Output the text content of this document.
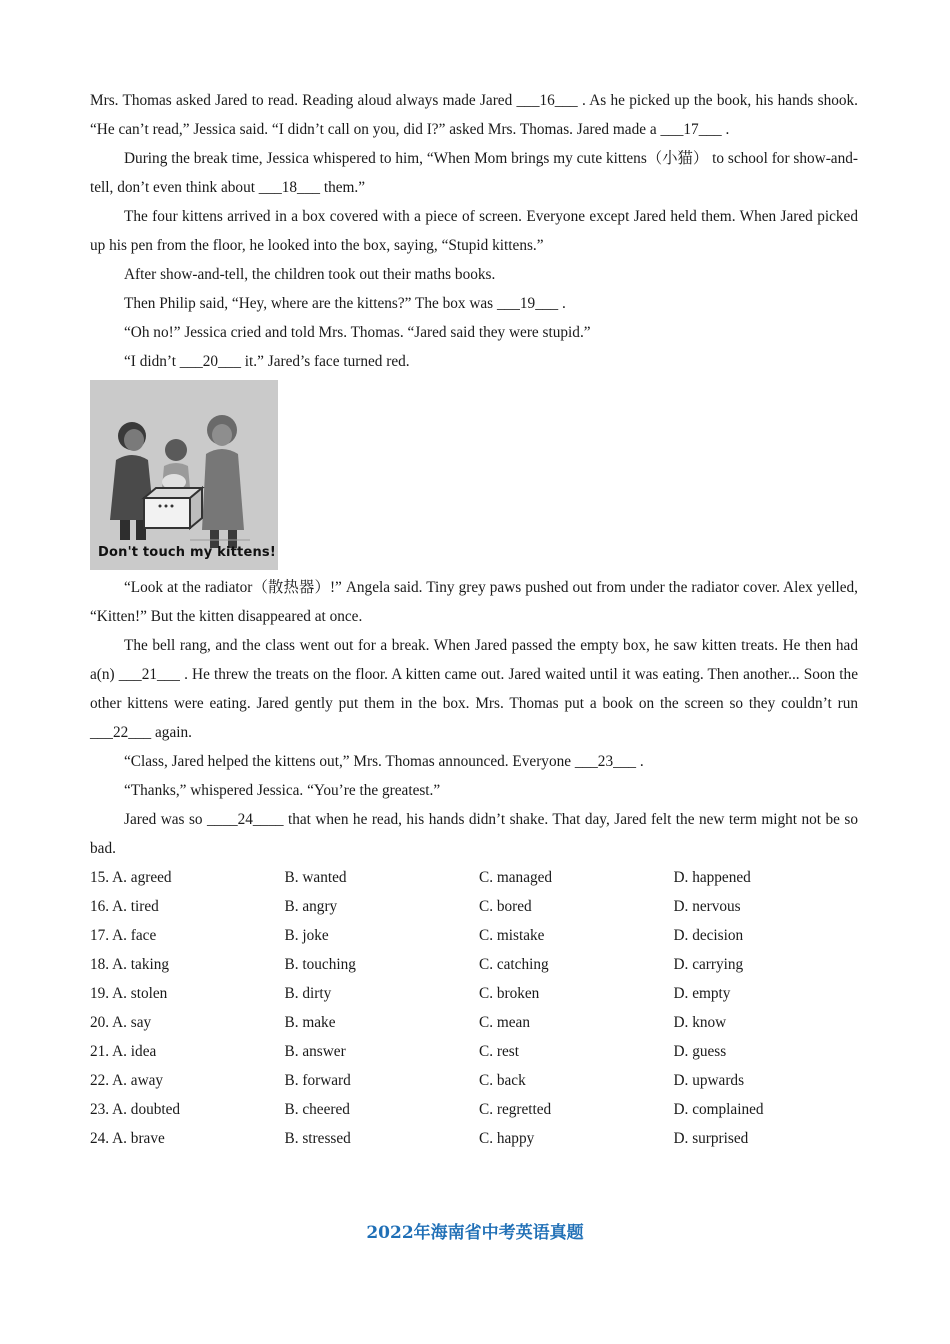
Mrs. Thomas asked Jared to read. Reading aloud always made Jared ___16___ . As he picked up the book, his hands shook. “He can’t read,” Jessica said. “I didn’t call on you, did I?” asked Mrs. Thomas. Jared made a ___17___ .

During the break time, Jessica whispered to him, “When Mom brings my cute kittens（小猫） to school for show-and-tell, don’t even think about ___18___ them.”

The four kittens arrived in a box covered with a piece of screen. Everyone except Jared held them. When Jared picked up his pen from the floor, he looked into the box, saying, “Stupid kittens.”

After show-and-tell, the children took out their maths books.

Then Philip said, “Hey, where are the kittens?” The box was ___19___ .

“Oh no!” Jessica cried and told Mrs. Thomas. “Jared said they were stupid.”

“I didn’t ___20___ it.” Jared’s face turned red.

Don't touch my kittens!

“Look at the radiator（散热器）!” Angela said. Tiny grey paws pushed out from under the radiator cover. Alex yelled, “Kitten!” But the kitten disappeared at once.

The bell rang, and the class went out for a break. When Jared passed the empty box, he saw kitten treats. He then had a(n) ___21___ . He threw the treats on the floor. A kitten came out. Jared waited until it was eating. Then another... Soon the other kittens were eating. Jared gently put them in the box. Mrs. Thomas put a book on the screen so they couldn’t run ___22___ again.

“Class, Jared helped the kittens out,” Mrs. Thomas announced. Everyone ___23___ .

“Thanks,” whispered Jessica. “You’re the greatest.”

Jared was so ____24____ that when he read, his hands didn’t shake. That day, Jared felt the new term might not be so bad.

15. A. agreed	B. wanted	C. managed	D. happened
16. A. tired	B. angry	C. bored	D. nervous
17. A. face	B. joke	C. mistake	D. decision
18. A. taking	B. touching	C. catching	D. carrying
19. A. stolen	B. dirty	C. broken	D. empty
20. A. say	B. make	C. mean	D. know
21. A. idea	B. answer	C. rest	D. guess
22. A. away	B. forward	C. back	D. upwards
23. A. doubted	B. cheered	C. regretted	D. complained
24. A. brave	B. stressed	C. happy	D. surprised
2022年海南省中考英语真题
